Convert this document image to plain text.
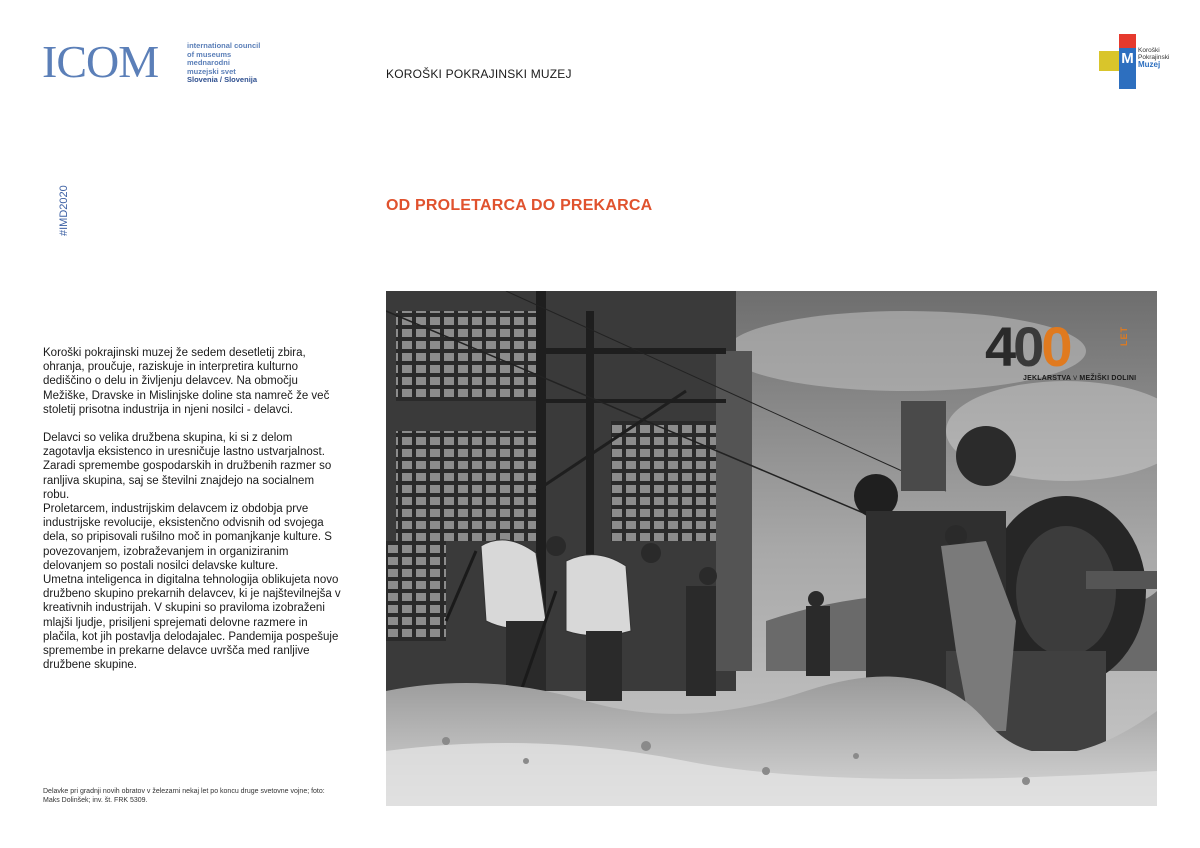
ICOM	international council
of museums
mednarodni
muzejski svet
Slovenia / Slovenija	KOROŠKI POKRAJINSKI MUZEJ
M Koroški
Pokrajinski
Muzej
#IMD2020	OD PROLETARCA DO PREKARCA

Koroški pokrajinski muzej že sedem desetletij zbira, ohranja, proučuje, raziskuje in interpretira kulturno dediščino o delu in življenju delavcev. Na območju Mežiške, Dravske in Mislinjske doline sta namreč že več stoletij prisotna industrija in njeni nosilci - delavci.

Delavci so velika družbena skupina, ki si z delom zagotavlja eksistenco in uresničuje lastno ustvarjalnost. Zaradi spremembe gospodarskih in družbenih razmer so ranljiva skupina, saj se številni znajdejo na socialnem robu.

Proletarcem, industrijskim delavcem iz obdobja prve industrijske revolucije, eksistenčno odvisnih od svojega dela, so pripisovali rušilno moč in pomanjkanje kulture. S povezovanjem, izobraževanjem in organiziranim delovanjem so postali nosilci delavske kulture.

Umetna inteligenca in digitalna tehnologija oblikujeta novo družbeno skupino prekarnih delavcev, ki je najštevilnejša v kreativnih industrijah. V skupini so praviloma izobraženi mlajši ljudje, prisiljeni sprejemati delovne razmere in plačila, kot jih postavlja delodajalec. Pandemija pospešuje spremembe in prekarne delavce uvršča med ranljive družbene skupine.

Delavke pri gradnji novih obratov v železarni nekaj let po koncu druge svetovne vojne; foto: Maks Dolinšek; inv. št. FRK 5309.
400	LET
JEKLARSTVA V MEŽIŠKI DOLINI
